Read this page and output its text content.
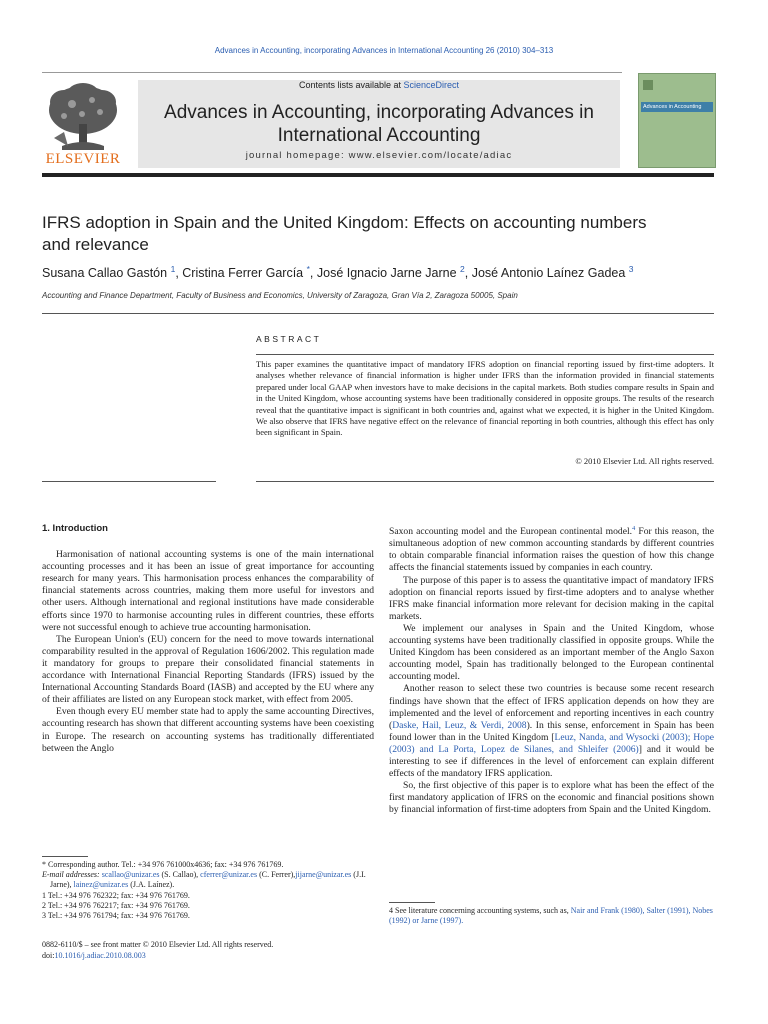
Advances in Accounting, incorporating Advances in International Accounting 26 (2010) 304–313
ELSEVIER
Contents lists available at ScienceDirect
Advances in Accounting, incorporating Advances in International Accounting
journal homepage: www.elsevier.com/locate/adiac
Advances in Accounting
IFRS adoption in Spain and the United Kingdom: Effects on accounting numbers and relevance
Susana Callao Gastón $^1$, Cristina Ferrer García *, José Ignacio Jarne Jarne $^2$, José Antonio Laínez Gadea $^3$
Accounting and Finance Department, Faculty of Business and Economics, University of Zaragoza, Gran Vía 2, Zaragoza 50005, Spain
ABSTRACT
This paper examines the quantitative impact of mandatory IFRS adoption on financial reporting issued by first-time adopters. It analyses whether relevance of financial information is higher under IFRS than the information provided in financial statements prepared under local GAAP when investors have to make decisions in the capital markets. Both studies compare results in Spain and in the United Kingdom, whose accounting systems have been traditionally considered in opposite groups. The results of the research reveal that the quantitative impact is significant in both countries and, against what we expected, it is higher in the United Kingdom. We also observe that IFRS have negative effect on the relevance of financial reporting in both countries, although this effect has only been significant in Spain.
© 2010 Elsevier Ltd. All rights reserved.

1. Introduction

Harmonisation of national accounting systems is one of the main international accounting processes and it has been an issue of great importance for accounting research for many years. This harmonisation process enhances the comparability of financial statements across countries, making them more useful for investors and other users. Although international and regional institutions have made considerable efforts since 1970 to harmonise accounting rules in different countries, these efforts were not successful enough to achieve true accounting harmonisation.

The European Union's (EU) concern for the need to move towards international comparability resulted in the approval of Regulation 1606/2002. This regulation made it mandatory for groups to prepare their consolidated financial statements in accordance with International Financial Reporting Standards (IFRS) issued by the International Accounting Standards Board (IASB) and accepted by the EU where any of their affiliates are listed on any European stock market, with effect from 2005.

Even though every EU member state had to apply the same accounting Directives, accounting research has shown that different accounting systems have been coexisting in Europe. The research on accounting systems has traditionally differentiated between the Anglo

Saxon accounting model and the European continental model.$^4$ For this reason, the simultaneous adoption of new common accounting standards by different countries to obtain comparable financial information raises the question of how this change affects the financial statements issued by companies in each country.

The purpose of this paper is to assess the quantitative impact of mandatory IFRS adoption on financial reports issued by first-time adopters and to analyse whether IFRS make financial information more relevant for decision making in the capital markets.

We implement our analyses in Spain and the United Kingdom, whose accounting systems have been traditionally classified in opposite groups. While the United Kingdom has been considered as an important member of the Anglo Saxon accounting model, Spain has traditionally belonged to the European continental accounting model.

Another reason to select these two countries is because some recent research findings have shown that the effect of IFRS application depends on how they are implemented and the level of enforcement and reporting incentives in each country (Daske, Hail, Leuz, & Verdi, 2008). In this sense, enforcement in Spain has been found lower than in the United Kingdom [Leuz, Nanda, and Wysocki (2003); Hope (2003) and La Porta, Lopez de Silanes, and Shleifer (2006)] and it would be interesting to see if differences in the level of enforcement can explain different effects of the mandatory IFRS application.

So, the first objective of this paper is to explore what has been the effect of the first mandatory application of IFRS on the economic and financial positions shown by financial information of first-time adopters from Spain and the United Kingdom.

* Corresponding author. Tel.: +34 976 761000x4636; fax: +34 976 761769.
E-mail addresses: scallao@unizar.es (S. Callao), cferrer@unizar.es (C. Ferrer),jijarne@unizar.es (J.I. Jarne), lainez@unizar.es (J.A. Laínez).
1 Tel.: +34 976 762322; fax: +34 976 761769.
2 Tel.: +34 976 762217; fax: +34 976 761769.
3 Tel.: +34 976 761794; fax: +34 976 761769.
4 See literature concerning accounting systems, such as, Nair and Frank (1980), Salter (1991), Nobes (1992) or Jarne (1997).
0882-6110/$ – see front matter © 2010 Elsevier Ltd. All rights reserved.
doi:10.1016/j.adiac.2010.08.003
